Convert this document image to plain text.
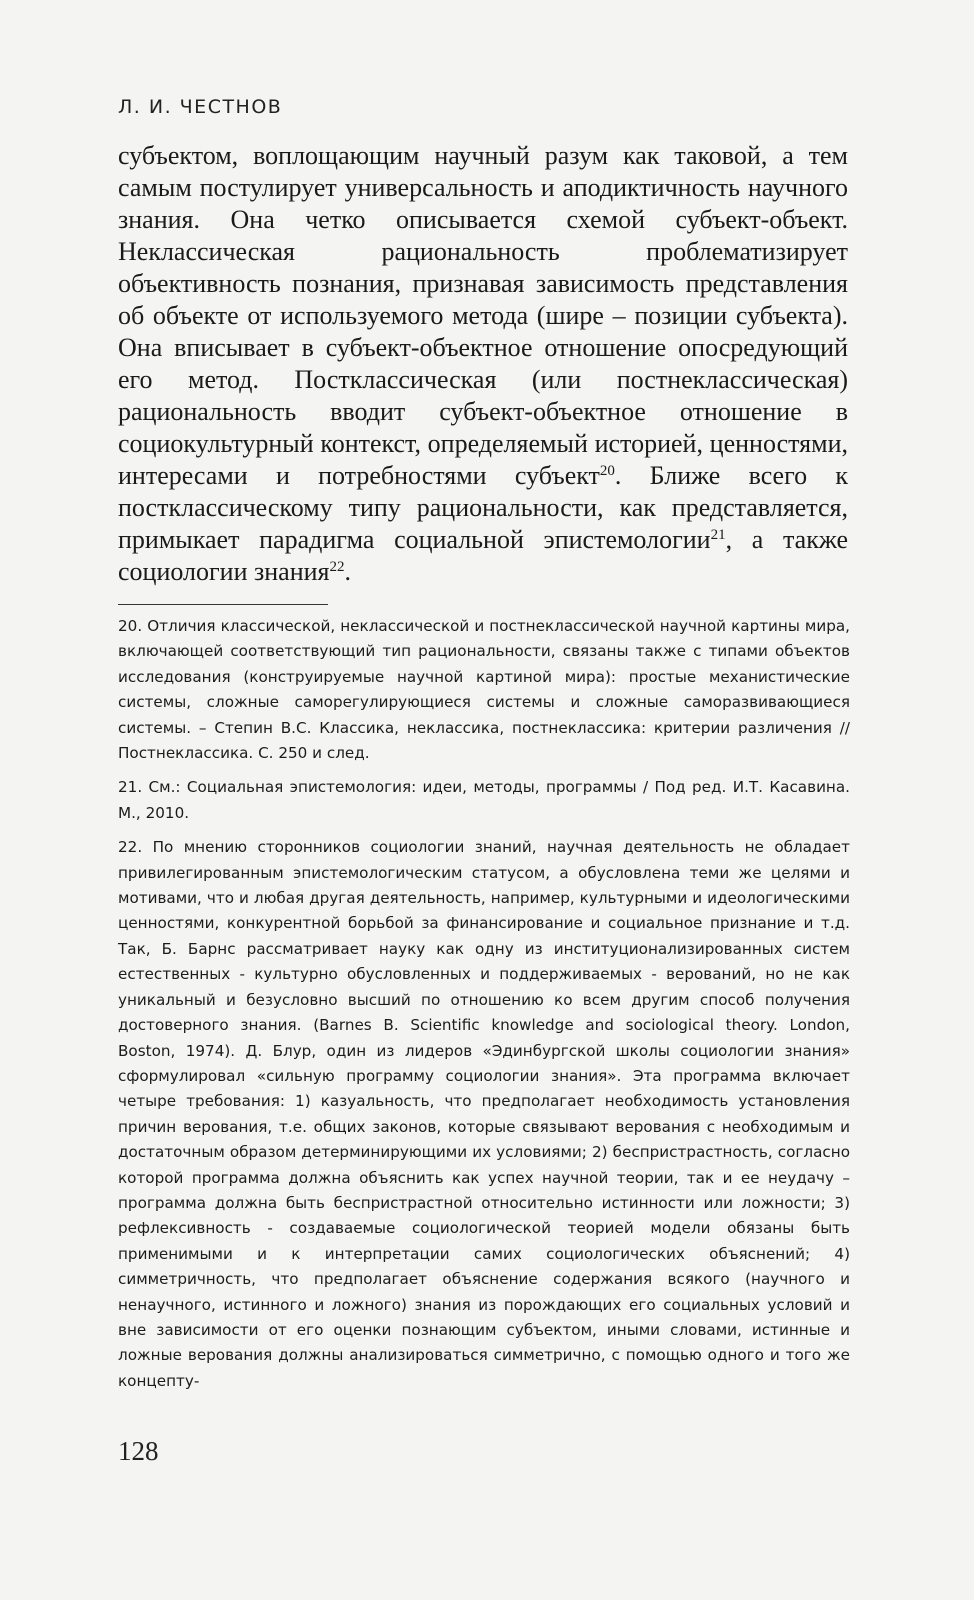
Л. И. ЧЕСТНОВ
субъектом, воплощающим научный разум как таковой, а тем самым постулирует универсальность и аподиктичность научного знания. Она четко описывается схемой субъект-объект. Неклассическая рациональность проблематизирует объективность познания, признавая зависимость представления об объекте от используемого метода (шире – позиции субъекта). Она вписывает в субъект-объектное отношение опосредующий его метод. Постклассическая (или постнеклассическая) рациональность вводит субъект-объектное отношение в социокультурный контекст, определяемый историей, ценностями, интересами и потребностями субъект$^{20}$. Ближе всего к постклассическому типу рациональности, как представляется, примыкает парадигма социальной эпистемологии$^{21}$, а также социологии знания$^{22}$.

20. Отличия классической, неклассической и постнеклассической научной картины мира, включающей соответствующий тип рациональности, связаны также с типами объектов исследования (конструируемые научной картиной мира): простые механистические системы, сложные саморегулирующиеся системы и сложные саморазвивающиеся системы. – Степин В.С. Классика, неклассика, постнеклассика: критерии различения // Постнеклассика. С. 250 и след.

21. См.: Социальная эпистемология: идеи, методы, программы / Под ред. И.Т. Касавина. М., 2010.

22. По мнению сторонников социологии знаний, научная деятельность не обладает привилегированным эпистемологическим статусом, а обусловлена теми же целями и мотивами, что и любая другая деятельность, например, культурными и идеологическими ценностями, конкурентной борьбой за финансирование и социальное признание и т.д. Так, Б. Барнс рассматривает науку как одну из институционализированных систем естественных - культурно обусловленных и поддерживаемых - верований, но не как уникальный и безусловно высший по отношению ко всем другим способ получения достоверного знания. (Barnes B. Scientific knowledge and sociological theory. London, Boston, 1974). Д. Блур, один из лидеров «Эдинбургской школы социологии знания» сформулировал «сильную программу социологии знания». Эта программа включает четыре требования: 1) казуальность, что предполагает необходимость установления причин верования, т.е. общих законов, которые связывают верования с необходимым и достаточным образом детерминирующими их условиями; 2) беспристрастность, согласно которой программа должна объяснить как успех научной теории, так и ее неудачу – программа должна быть беспристрастной относительно истинности или ложности; 3) рефлексивность - создаваемые социологической теорией модели обязаны быть применимыми и к интерпретации самих социологических объяснений; 4) симметричность, что предполагает объяснение содержания всякого (научного и ненаучного, истинного и ложного) знания из порождающих его социальных условий и вне зависимости от его оценки познающим субъектом, иными словами, истинные и ложные верования должны анализироваться симметрично, с помощью одного и того же концепту-

128
